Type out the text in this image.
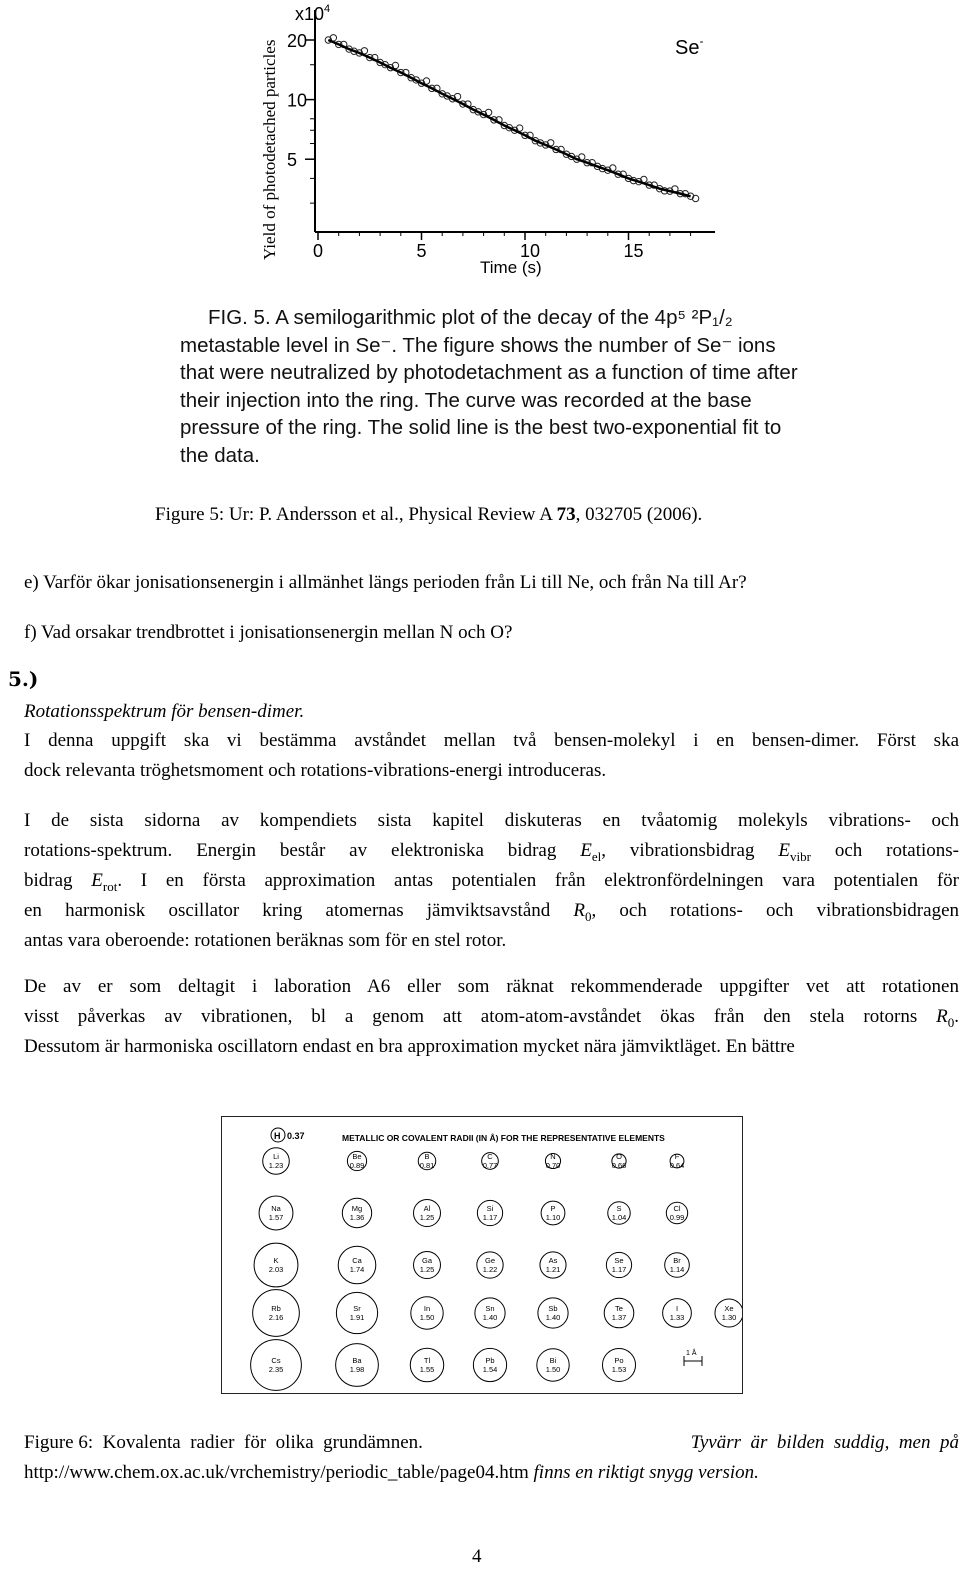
Yield of photodetached particles
$x10^4$
20
10
5
0	5	10	15
Se-
Time (s)
FIG. 5. A semilogarithmic plot of the decay of the 4p⁵ ²P₁/₂
metastable level in Se⁻. The figure shows the number of Se⁻ ions
that were neutralized by photodetachment as a function of time after
their injection into the ring. The curve was recorded at the base
pressure of the ring. The solid line is the best two-exponential fit to
the data.
Figure 5: Ur: P. Andersson et al., Physical Review A 73, 032705 (2006).
e) Varför ökar jonisationsenergin i allmänhet längs perioden från Li till Ne, och från Na till Ar?
f) Vad orsakar trendbrottet i jonisationsenergin mellan N och O?
5.)
Rotationsspektrum för bensen-dimer.
I denna uppgift ska vi bestämma avståndet mellan två bensen-molekyl i en bensen-dimer. Först ska
dock relevanta tröghetsmoment och rotations-vibrations-energi introduceras.
I de sista sidorna av kompendiets sista kapitel diskuteras en tvåatomig molekyls vibrations- och
rotations-spektrum. Energin består av elektroniska bidrag $E_{el}$, vibrationsbidrag $E_{vibr}$ och rotations-
bidrag $E_{rot}$. I en första approximation antas potentialen från elektronfördelningen vara potentialen för
en harmonisk oscillator kring atomernas jämviktsavstånd $R_0$, och rotations- och vibrationsbidragen
antas vara oberoende: rotationen beräknas som för en stel rotor.
De av er som deltagit i laboration A6 eller som räknat rekommenderade uppgifter vet att rotationen
visst påverkas av vibrationen, bl a genom att atom-atom-avståndet ökas från den stela rotorns $R_0$.
Dessutom är harmoniska oscillatorn endast en bra approximation mycket nära jämviktläget. En bättre
H 0.37	METALLIC OR COVALENT RADII (IN Å) FOR THE REPRESENTATIVE ELEMENTS
Li
1.23
Be
0.89
B
0.81
C
0.77
N
0.70
O
0.66
F
0.64
Na
1.57
Mg
1.36
Al
1.25
Si
1.17
P
1.10
S
1.04
Cl
0.99
K
2.03
Ca
1.74
Ga
1.25
Ge
1.22
As
1.21
Se
1.17
Br
1.14
Rb
2.16
Sr
1.91
In
1.50
Sn
1.40
Sb
1.40
Te
1.37
I
1.33
Xe
1.30
Cs
2.35
Ba
1.98
Tl
1.55
Pb
1.54
Bi
1.50
Po
1.53
1 Å
Figure 6:  Kovalenta  radier  för  olika  grundämnen.	Tyvärr  är  bilden  suddig,  men  på
http://www.chem.ox.ac.uk/vrchemistry/periodic_table/page04.htm finns en riktigt snygg version.
4
